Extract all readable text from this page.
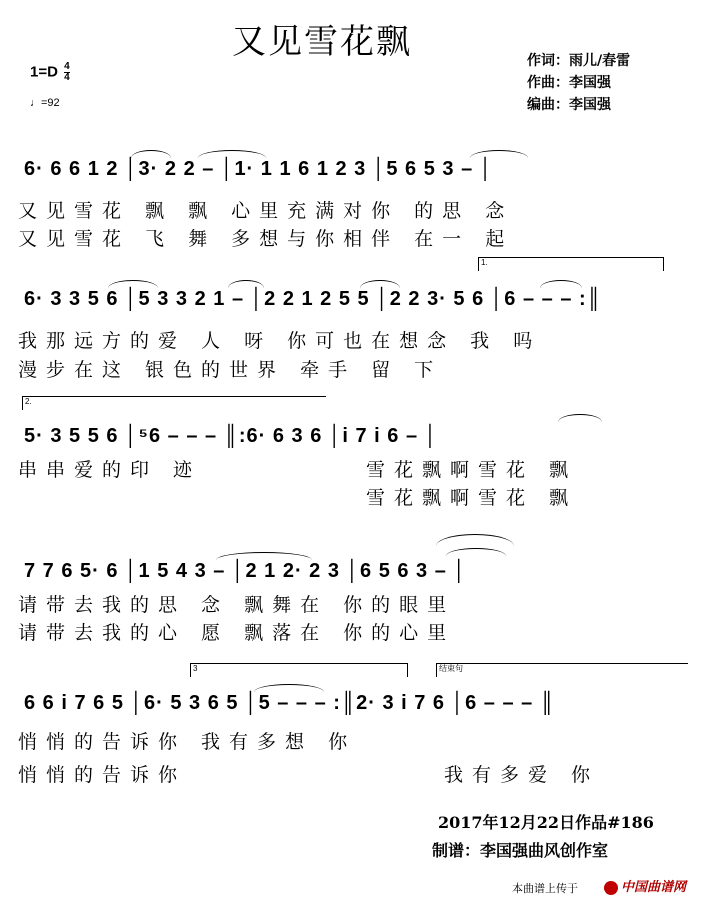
又见雪花飘
$1=D \frac{4}{4}$
♩=92
作词：雨儿/春雷
作曲：李国强
编曲：李国强
6· 6 6 1 2 │3· 2 2 – │1· 1 1 6 1 2 3 │5 6 5 3 – │
又见雪花 飘 飘 心里充满对你 的思 念
又见雪花 飞 舞 多想与你相伴 在一 起
1.
6· 3 3 5 6 │5 3 3 2 1 – │2 2 1 2 5 5 │2 2 3· 5 6 │6 – – – :║
我那远方的爱 人 呀 你可也在想念 我 吗
漫步在这 银色的世界 牵手 留 下
2.
5· 3 5 5 6 │⁵6 – – – ║:6· 6 3 6 │i 7 i 6 – │
串串爱的印 迹	雪花飘啊雪花 飘
雪花飘啊雪花 飘
7 7 6 5· 6 │1 5 4 3 – │2 1 2· 2 3 │6 5 6 3 – │
请带去我的思 念 飘舞在 你的眼里
请带去我的心 愿 飘落在 你的心里
3	结束句
6 6 i 7 6 5 │6· 5 3 6 5 │5 – – – :║2· 3 i 7 6 │6 – – – ║
悄悄的告诉你 我有多想 你
悄悄的告诉你	我有多爱 你
2017年12月22日作品#186
制谱：李国强曲风创作室
本曲谱上传于	中国曲谱网
